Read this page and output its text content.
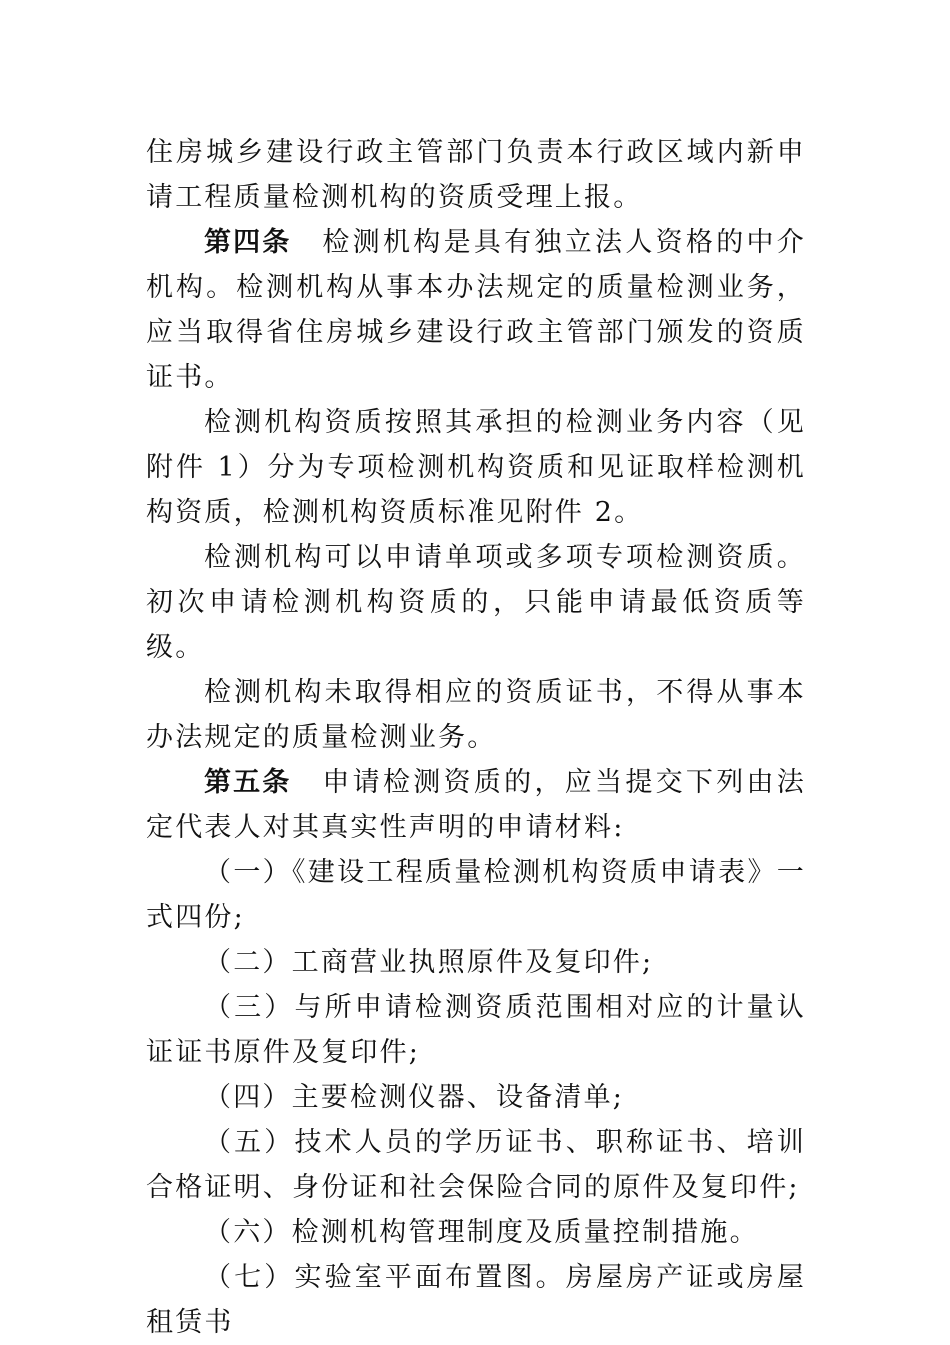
住房城乡建设行政主管部门负责本行政区域内新申请工程质量检测机构的资质受理上报。

第四条 检测机构是具有独立法人资格的中介机构。检测机构从事本办法规定的质量检测业务，应当取得省住房城乡建设行政主管部门颁发的资质证书。

检测机构资质按照其承担的检测业务内容（见附件 1）分为专项检测机构资质和见证取样检测机构资质，检测机构资质标准见附件 2。

检测机构可以申请单项或多项专项检测资质。初次申请检测机构资质的，只能申请最低资质等级。

检测机构未取得相应的资质证书，不得从事本办法规定的质量检测业务。

第五条 申请检测资质的，应当提交下列由法定代表人对其真实性声明的申请材料:

（一）《建设工程质量检测机构资质申请表》一式四份;

（二）工商营业执照原件及复印件;

（三）与所申请检测资质范围相对应的计量认证证书原件及复印件;

（四）主要检测仪器、设备清单;

（五）技术人员的学历证书、职称证书、培训合格证明、身份证和社会保险合同的原件及复印件;

（六）检测机构管理制度及质量控制措施。

（七）实验室平面布置图。房屋房产证或房屋租赁书
